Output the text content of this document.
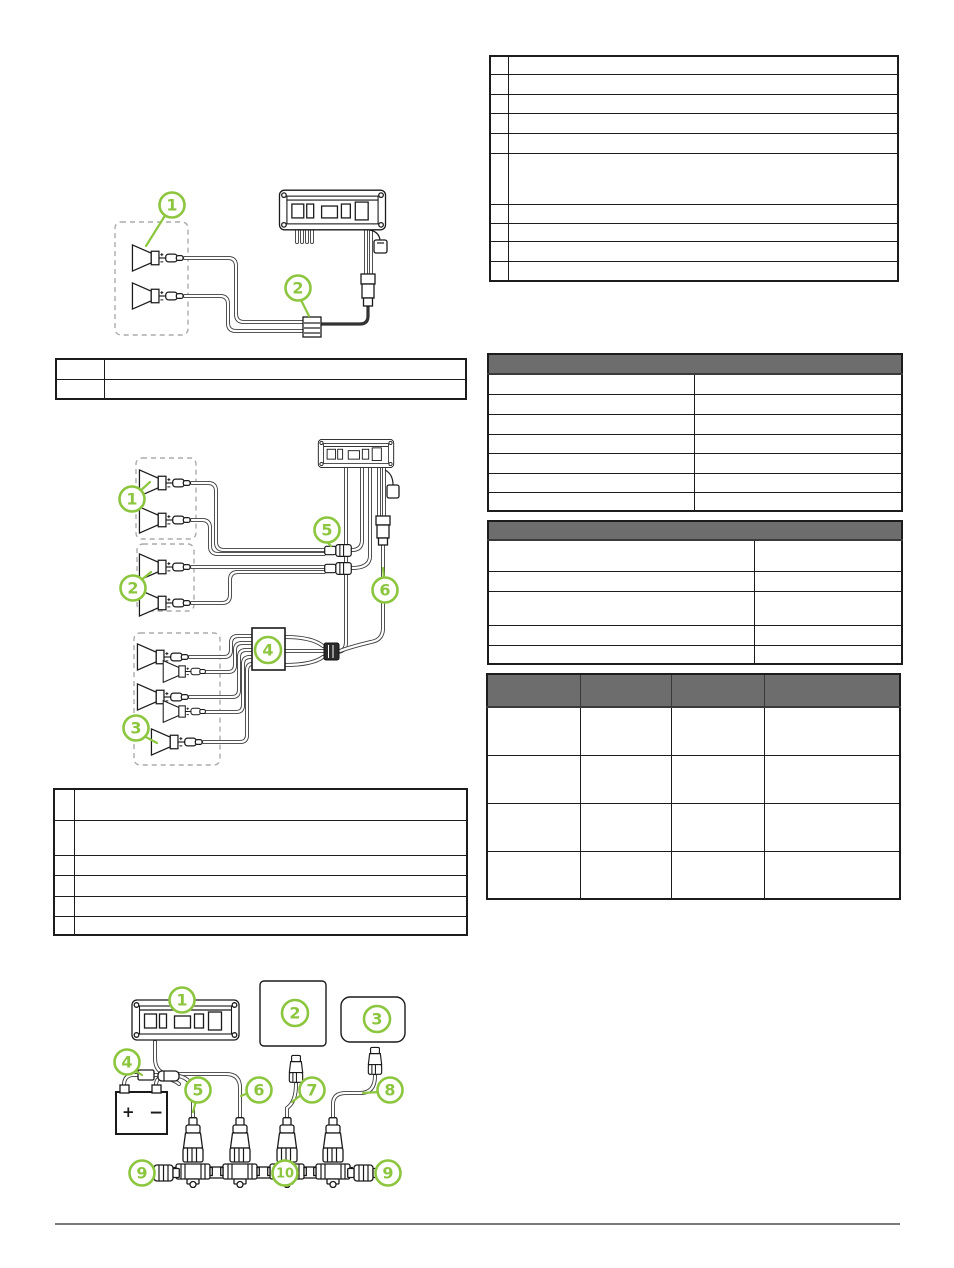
1
2
1
2
3
4
5
6
+ −
1
2	3
4
5	6	7	8
9	10	9
